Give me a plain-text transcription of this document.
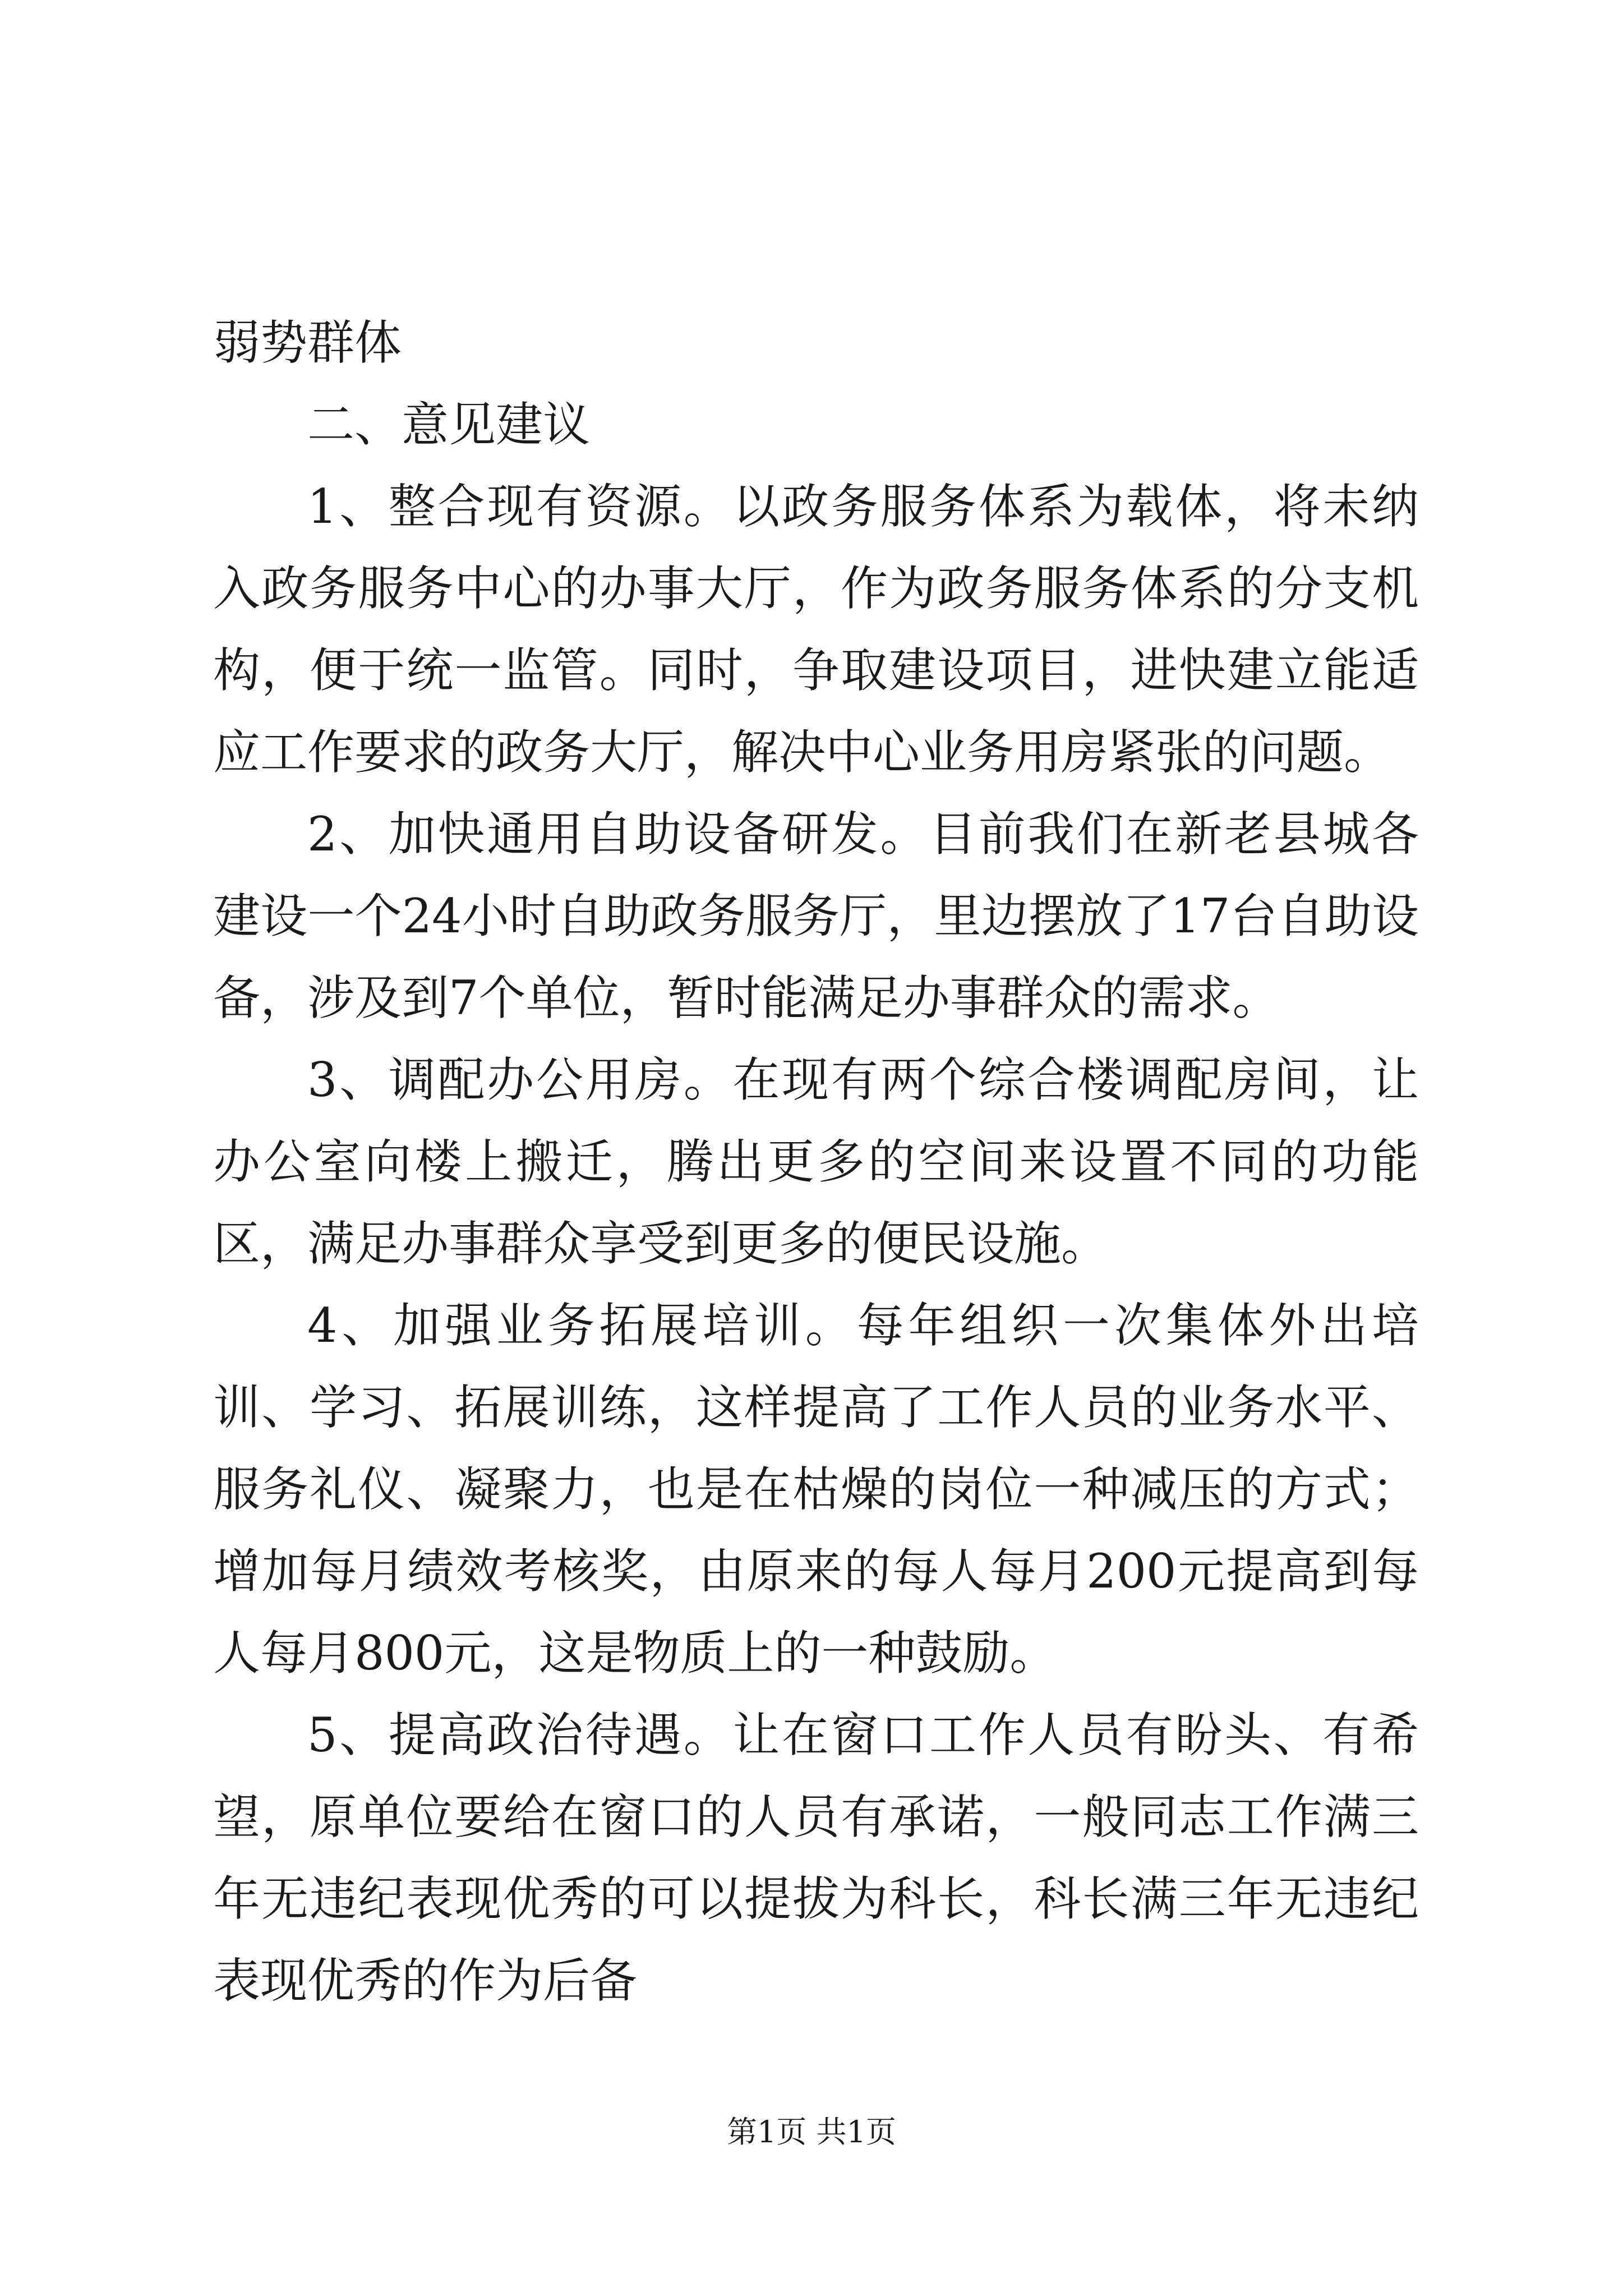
弱势群体

二、意见建议

1、整合现有资源。以政务服务体系为载体，将未纳入政务服务中心的办事大厅，作为政务服务体系的分支机构，便于统一监管。同时，争取建设项目，进快建立能适应工作要求的政务大厅，解决中心业务用房紧张的问题。

2、加快通用自助设备研发。目前我们在新老县城各建设一个24小时自助政务服务厅，里边摆放了17台自助设备，涉及到7个单位，暂时能满足办事群众的需求。

3、调配办公用房。在现有两个综合楼调配房间，让办公室向楼上搬迁，腾出更多的空间来设置不同的功能区，满足办事群众享受到更多的便民设施。

4、加强业务拓展培训。每年组织一次集体外出培训、学习、拓展训练，这样提高了工作人员的业务水平、服务礼仪、凝聚力，也是在枯燥的岗位一种减压的方式；增加每月绩效考核奖，由原来的每人每月200元提高到每人每月800元，这是物质上的一种鼓励。

5、提高政治待遇。让在窗口工作人员有盼头、有希望，原单位要给在窗口的人员有承诺，一般同志工作满三年无违纪表现优秀的可以提拔为科长，科长满三年无违纪表现优秀的作为后备

第1页 共1页
